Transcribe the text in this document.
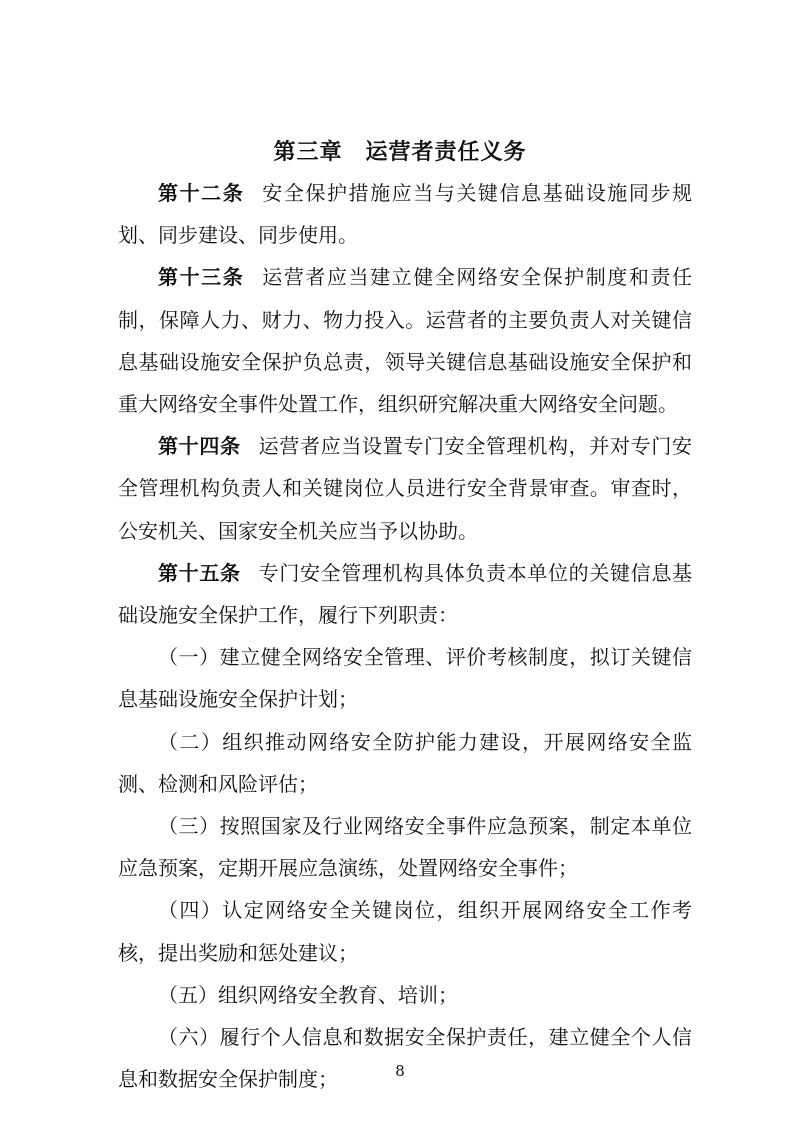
第三章　运营者责任义务

第十二条 安全保护措施应当与关键信息基础设施同步规划、同步建设、同步使用。

第十三条 运营者应当建立健全网络安全保护制度和责任制，保障人力、财力、物力投入。运营者的主要负责人对关键信息基础设施安全保护负总责，领导关键信息基础设施安全保护和重大网络安全事件处置工作，组织研究解决重大网络安全问题。

第十四条 运营者应当设置专门安全管理机构，并对专门安全管理机构负责人和关键岗位人员进行安全背景审查。审查时，公安机关、国家安全机关应当予以协助。

第十五条 专门安全管理机构具体负责本单位的关键信息基础设施安全保护工作，履行下列职责：

（一）建立健全网络安全管理、评价考核制度，拟订关键信息基础设施安全保护计划；

（二）组织推动网络安全防护能力建设，开展网络安全监测、检测和风险评估；

（三）按照国家及行业网络安全事件应急预案，制定本单位应急预案，定期开展应急演练，处置网络安全事件；

（四）认定网络安全关键岗位，组织开展网络安全工作考核，提出奖励和惩处建议；

（五）组织网络安全教育、培训；

（六）履行个人信息和数据安全保护责任，建立健全个人信息和数据安全保护制度；	8
